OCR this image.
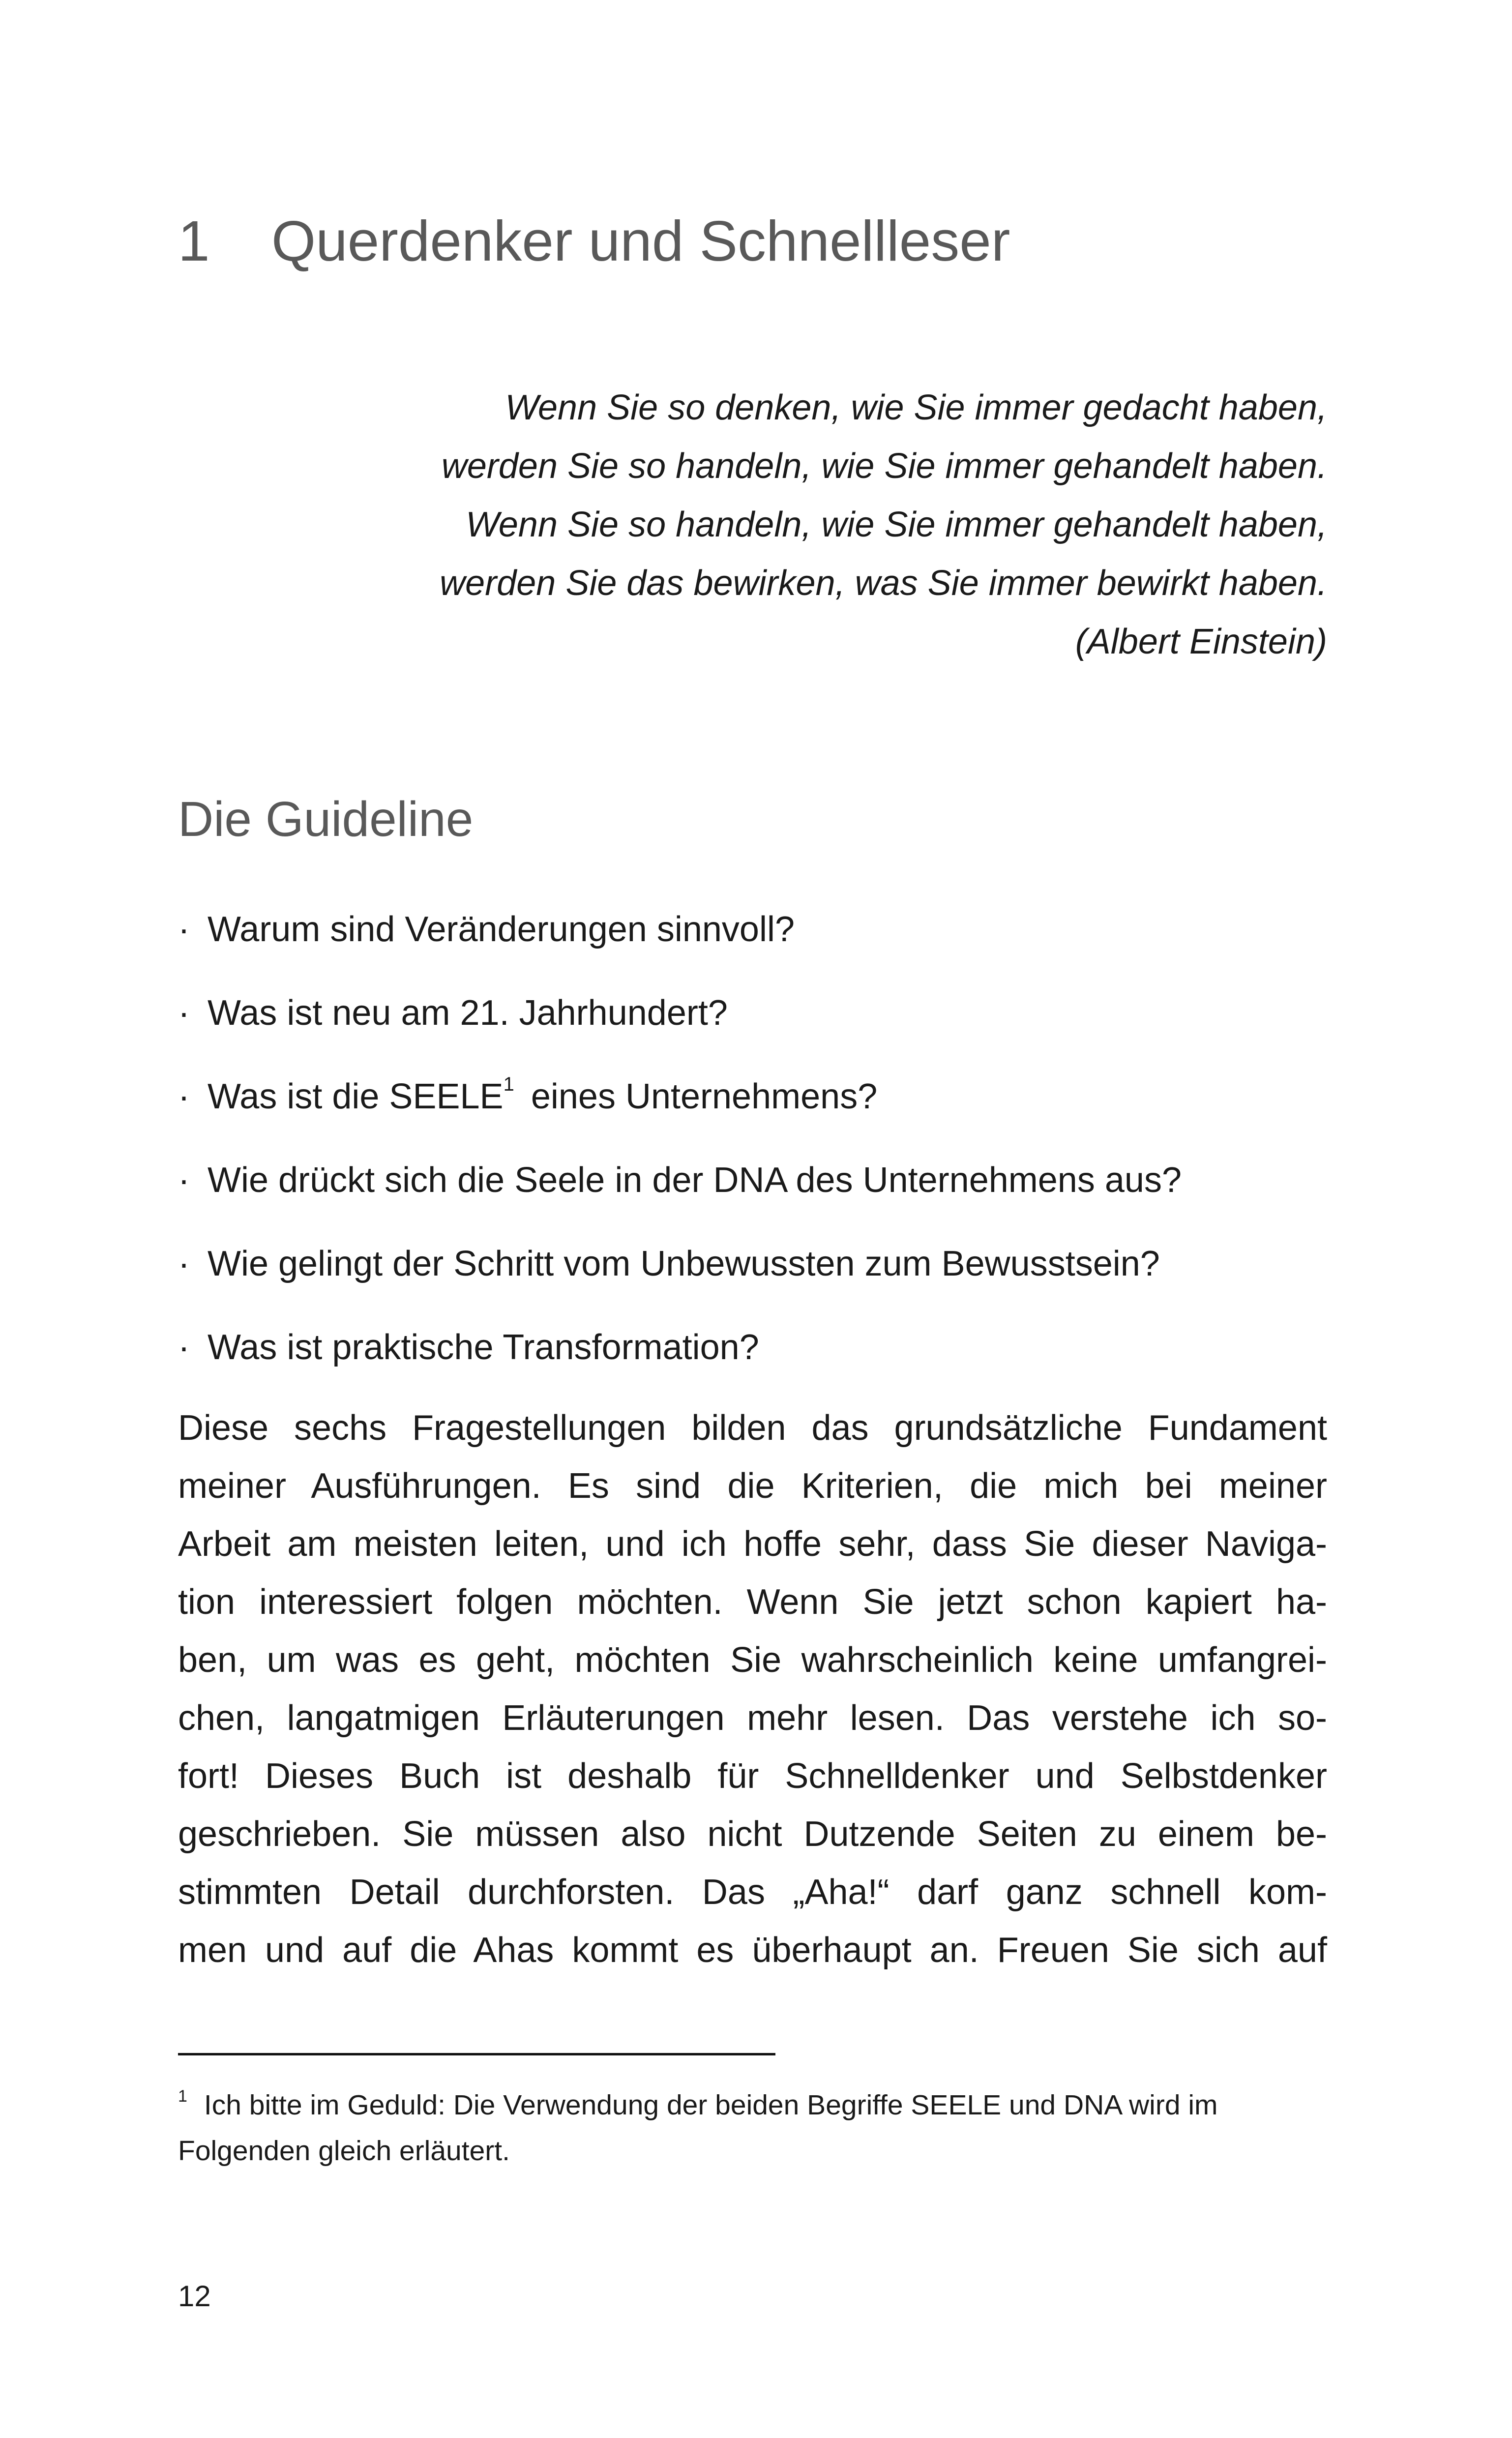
1 Querdenker und Schnellleser
Wenn Sie so denken, wie Sie immer gedacht haben,
werden Sie so handeln, wie Sie immer gehandelt haben.
Wenn Sie so handeln, wie Sie immer gehandelt haben,
werden Sie das bewirken, was Sie immer bewirkt haben.
(Albert Einstein)
Die Guideline
· Warum sind Veränderungen sinnvoll?
· Was ist neu am 21. Jahrhundert?
· Was ist die SEELE$^1$ eines Unternehmens?
· Wie drückt sich die Seele in der DNA des Unternehmens aus?
· Wie gelingt der Schritt vom Unbewussten zum Bewusstsein?
· Was ist praktische Transformation?

Diese sechs Fragestellungen bilden das grundsätzliche Fundament
meiner Ausführungen. Es sind die Kriterien, die mich bei meiner
Arbeit am meisten leiten, und ich hoffe sehr, dass Sie dieser Naviga-
tion interessiert folgen möchten. Wenn Sie jetzt schon kapiert ha-
ben, um was es geht, möchten Sie wahrscheinlich keine umfangrei-
chen, langatmigen Erläuterungen mehr lesen. Das verstehe ich so-
fort! Dieses Buch ist deshalb für Schnelldenker und Selbstdenker
geschrieben. Sie müssen also nicht Dutzende Seiten zu einem be-
stimmten Detail durchforsten. Das „Aha!“ darf ganz schnell kom-
men und auf die Ahas kommt es überhaupt an. Freuen Sie sich auf

$^1$ Ich bitte im Geduld: Die Verwendung der beiden Begriffe SEELE und DNA wird im
Folgenden gleich erläutert.
12
